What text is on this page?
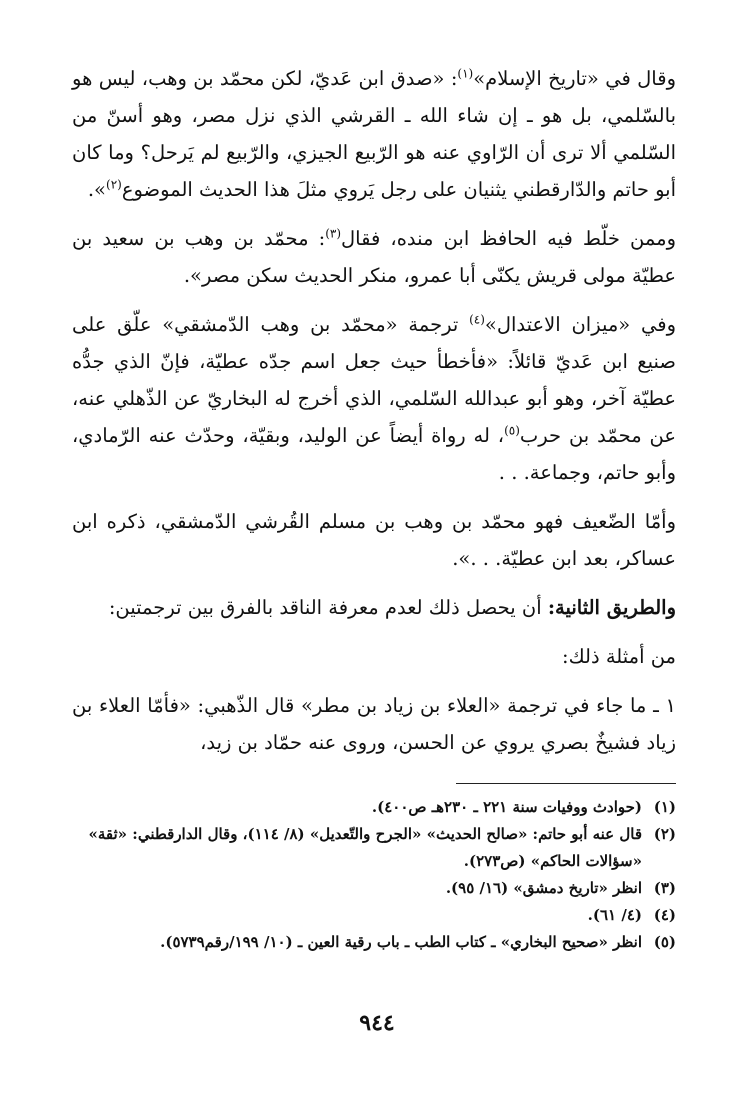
وقال في «تاريخ الإسلام»$^{(١)}$: «صدق ابن عَديّ، لكن محمّد بن وهب، ليس هو بالسّلمي، بل هو ـ إن شاء الله ـ القرشي الذي نزل مصر، وهو أسنّ من السّلمي ألا ترى أن الرّاوي عنه هو الرّبيع الجيزي، والرّبيع لم يَرحل؟ وما كان أبو حاتم والدّارقطني يثنيان على رجل يَروي مثلَ هذا الحديث الموضوع$^{(٢)}$».

وممن خلّط فيه الحافظ ابن منده، فقال$^{(٣)}$: محمّد بن وهب بن سعيد بن عطيّة مولى قريش يكنّى أبا عمرو، منكر الحديث سكن مصر».

وفي «ميزان الاعتدال»$^{(٤)}$ ترجمة «محمّد بن وهب الدّمشقي» علّق على صنيع ابن عَديّ قائلاً: «فأخطأ حيث جعل اسم جدّه عطيّة، فإنّ الذي جدُّه عطيّة آخر، وهو أبو عبدالله السّلمي، الذي أخرج له البخاريّ عن الذّهلي عنه، عن محمّد بن حرب$^{(٥)}$، له رواة أيضاً عن الوليد، وبقيّة، وحدّث عنه الرّمادي، وأبو حاتم، وجماعة. . .

وأمّا الضّعيف فهو محمّد بن وهب بن مسلم القُرشي الدّمشقي، ذكره ابن عساكر، بعد ابن عطيّة. . .».

والطريق الثانية: أن يحصل ذلك لعدم معرفة الناقد بالفرق بين ترجمتين:

من أمثلة ذلك:

١ ـ ما جاء في ترجمة «العلاء بن زياد بن مطر» قال الذّهبي: «فأمّا العلاء بن زياد فشيخٌ بصري يروي عن الحسن، وروى عنه حمّاد بن زيد،

(١)
(حوادث ووفيات سنة ٢٢١ ـ ٢٣٠هـ ص٤٠٠).
(٢)
قال عنه أبو حاتم: «صالح الحديث» «الجرح والتّعديل» (٨/ ١١٤)، وقال الدارقطني: «ثقة» «سؤالات الحاكم» (ص٢٧٣).
(٣)
انظر «تاريخ دمشق» (١٦/ ٩٥).
(٤)
(٤/ ٦١).
(٥)
انظر «صحيح البخاري» ـ كتاب الطب ـ باب رقية العين ـ (١٠/ ١٩٩/رقم٥٧٣٩).
٩٤٤
